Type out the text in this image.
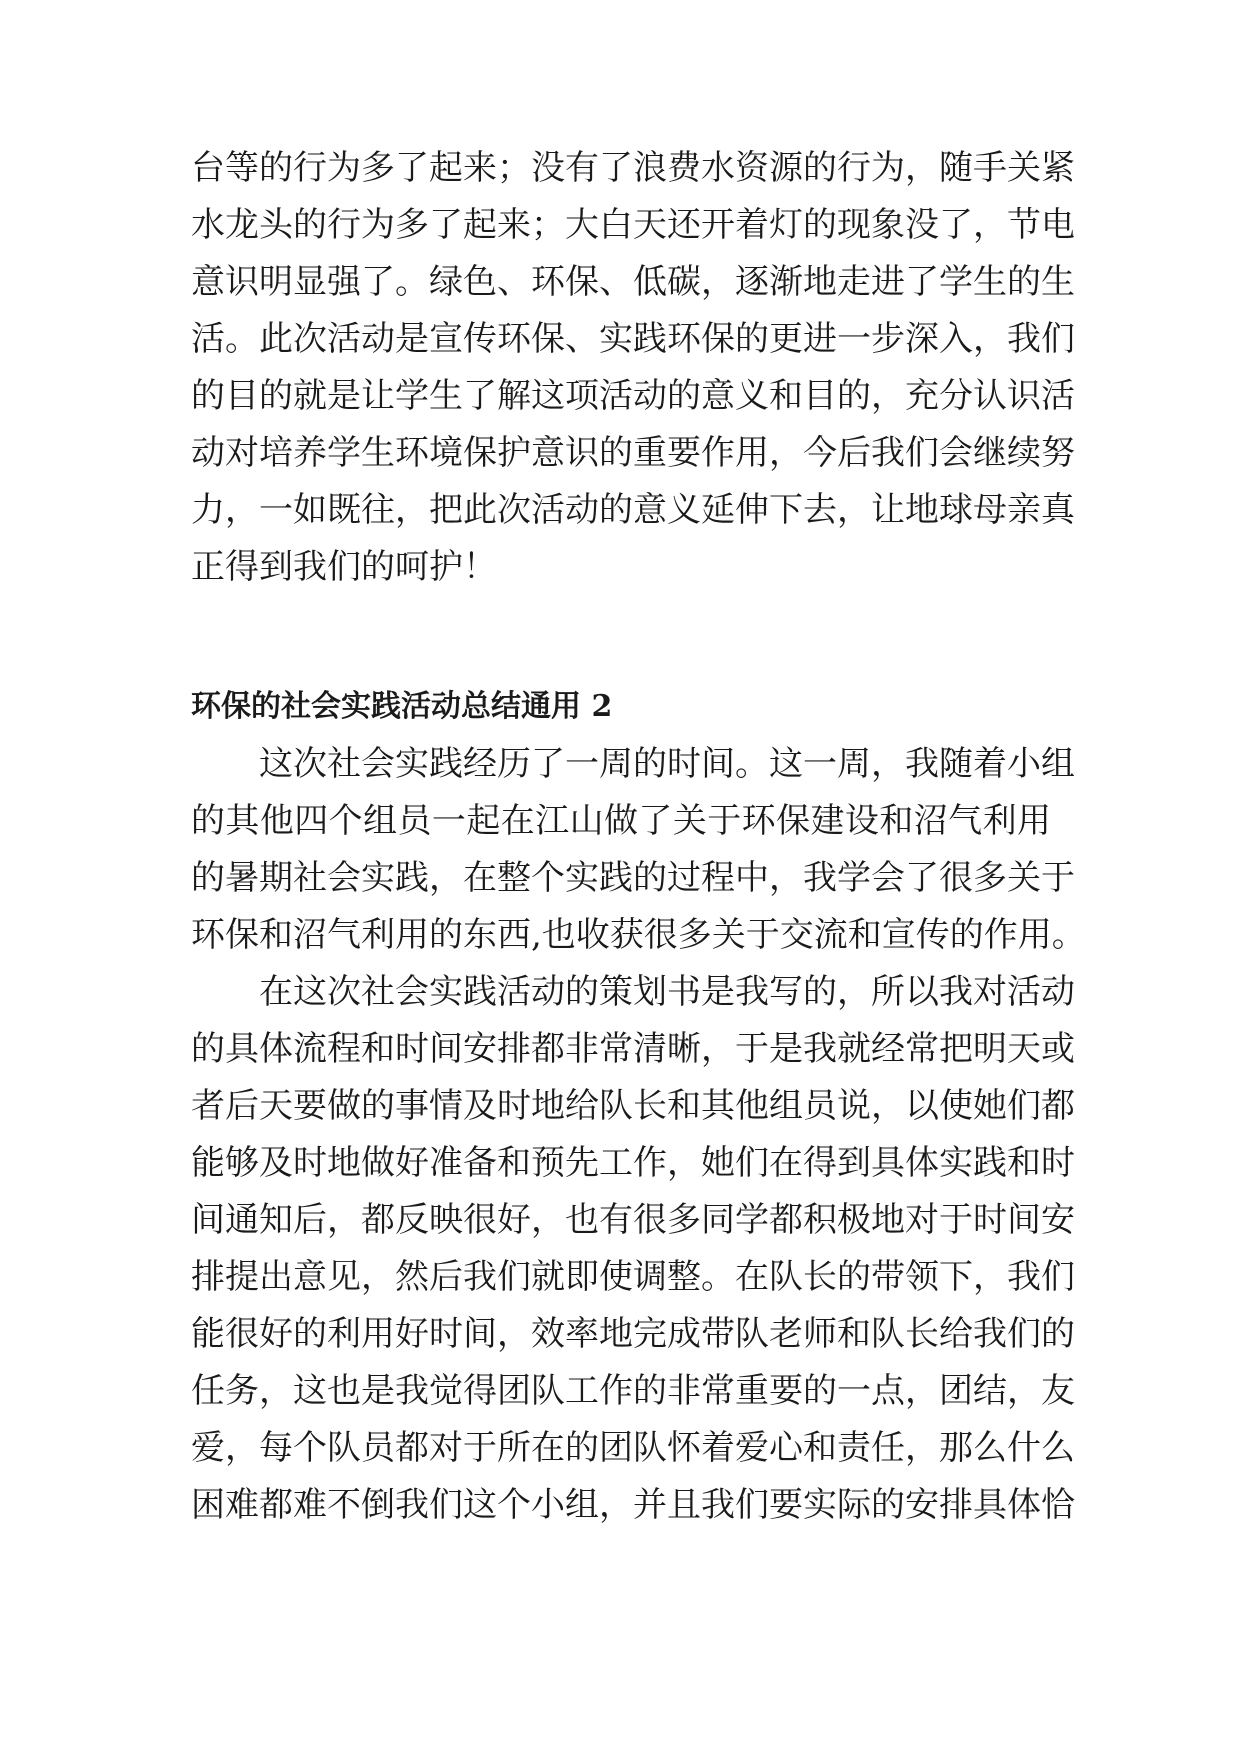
台等的行为多了起来；没有了浪费水资源的行为，随手关紧

水龙头的行为多了起来；大白天还开着灯的现象没了，节电

意识明显强了。绿色、环保、低碳，逐渐地走进了学生的生

活。此次活动是宣传环保、实践环保的更进一步深入，我们

的目的就是让学生了解这项活动的意义和目的，充分认识活

动对培养学生环境保护意识的重要作用，今后我们会继续努

力，一如既往，把此次活动的意义延伸下去，让地球母亲真

正得到我们的呵护！

环保的社会实践活动总结通用 2

这次社会实践经历了一周的时间。这一周，我随着小组

的其他四个组员一起在江山做了关于环保建设和沼气利用

的暑期社会实践，在整个实践的过程中，我学会了很多关于

环保和沼气利用的东西,也收获很多关于交流和宣传的作用。

在这次社会实践活动的策划书是我写的，所以我对活动

的具体流程和时间安排都非常清晰，于是我就经常把明天或

者后天要做的事情及时地给队长和其他组员说，以使她们都

能够及时地做好准备和预先工作，她们在得到具体实践和时

间通知后，都反映很好，也有很多同学都积极地对于时间安

排提出意见，然后我们就即使调整。在队长的带领下，我们

能很好的利用好时间，效率地完成带队老师和队长给我们的

任务，这也是我觉得团队工作的非常重要的一点，团结，友

爱，每个队员都对于所在的团队怀着爱心和责任，那么什么

困难都难不倒我们这个小组，并且我们要实际的安排具体恰
